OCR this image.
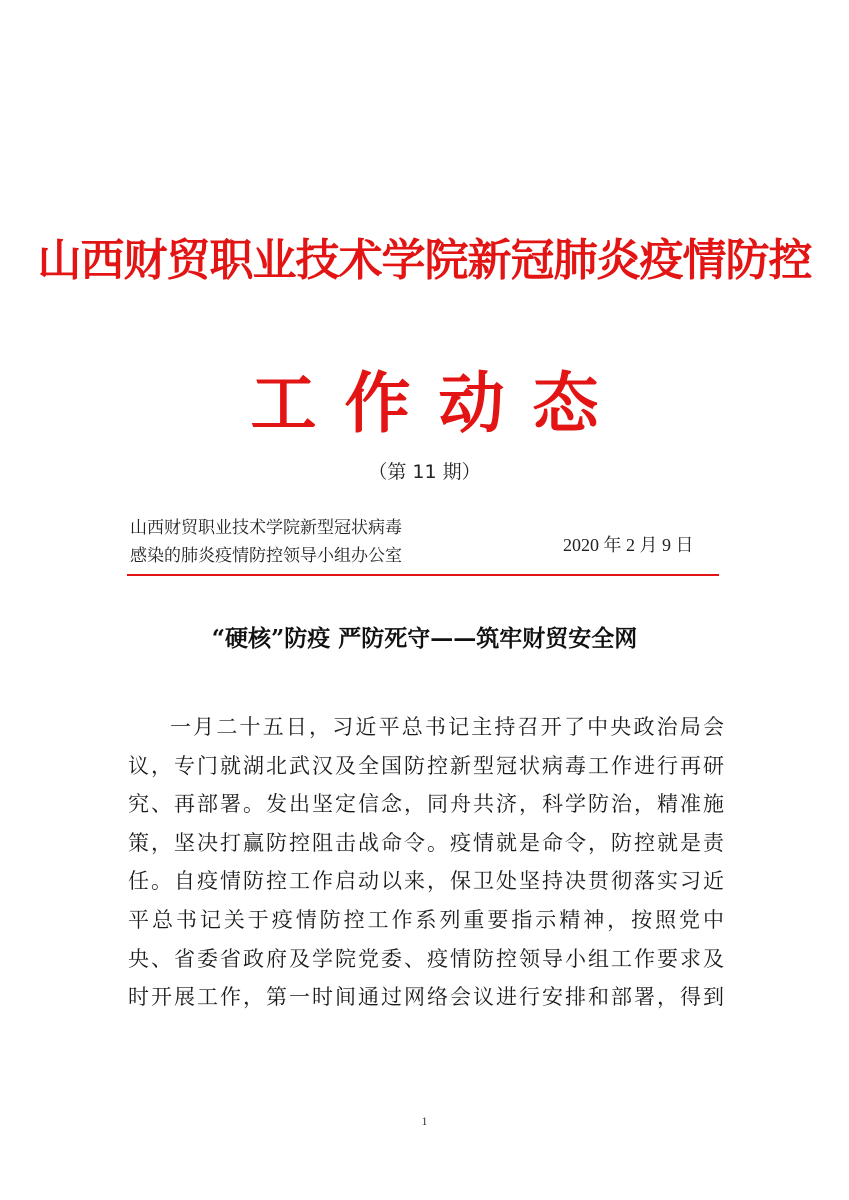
山西财贸职业技术学院新冠肺炎疫情防控
工作动态
（第 11 期）
山西财贸职业技术学院新型冠状病毒
感染的肺炎疫情防控领导小组办公室
2020 年 2 月 9 日
“硬核”防疫 严防死守——筑牢财贸安全网
一月二十五日，习近平总书记主持召开了中央政治局会
议，专门就湖北武汉及全国防控新型冠状病毒工作进行再研
究、再部署。发出坚定信念，同舟共济，科学防治，精准施
策，坚决打赢防控阻击战命令。疫情就是命令，防控就是责
任。自疫情防控工作启动以来，保卫处坚持决贯彻落实习近
平总书记关于疫情防控工作系列重要指示精神，按照党中
央、省委省政府及学院党委、疫情防控领导小组工作要求及
时开展工作，第一时间通过网络会议进行安排和部署，得到
1
